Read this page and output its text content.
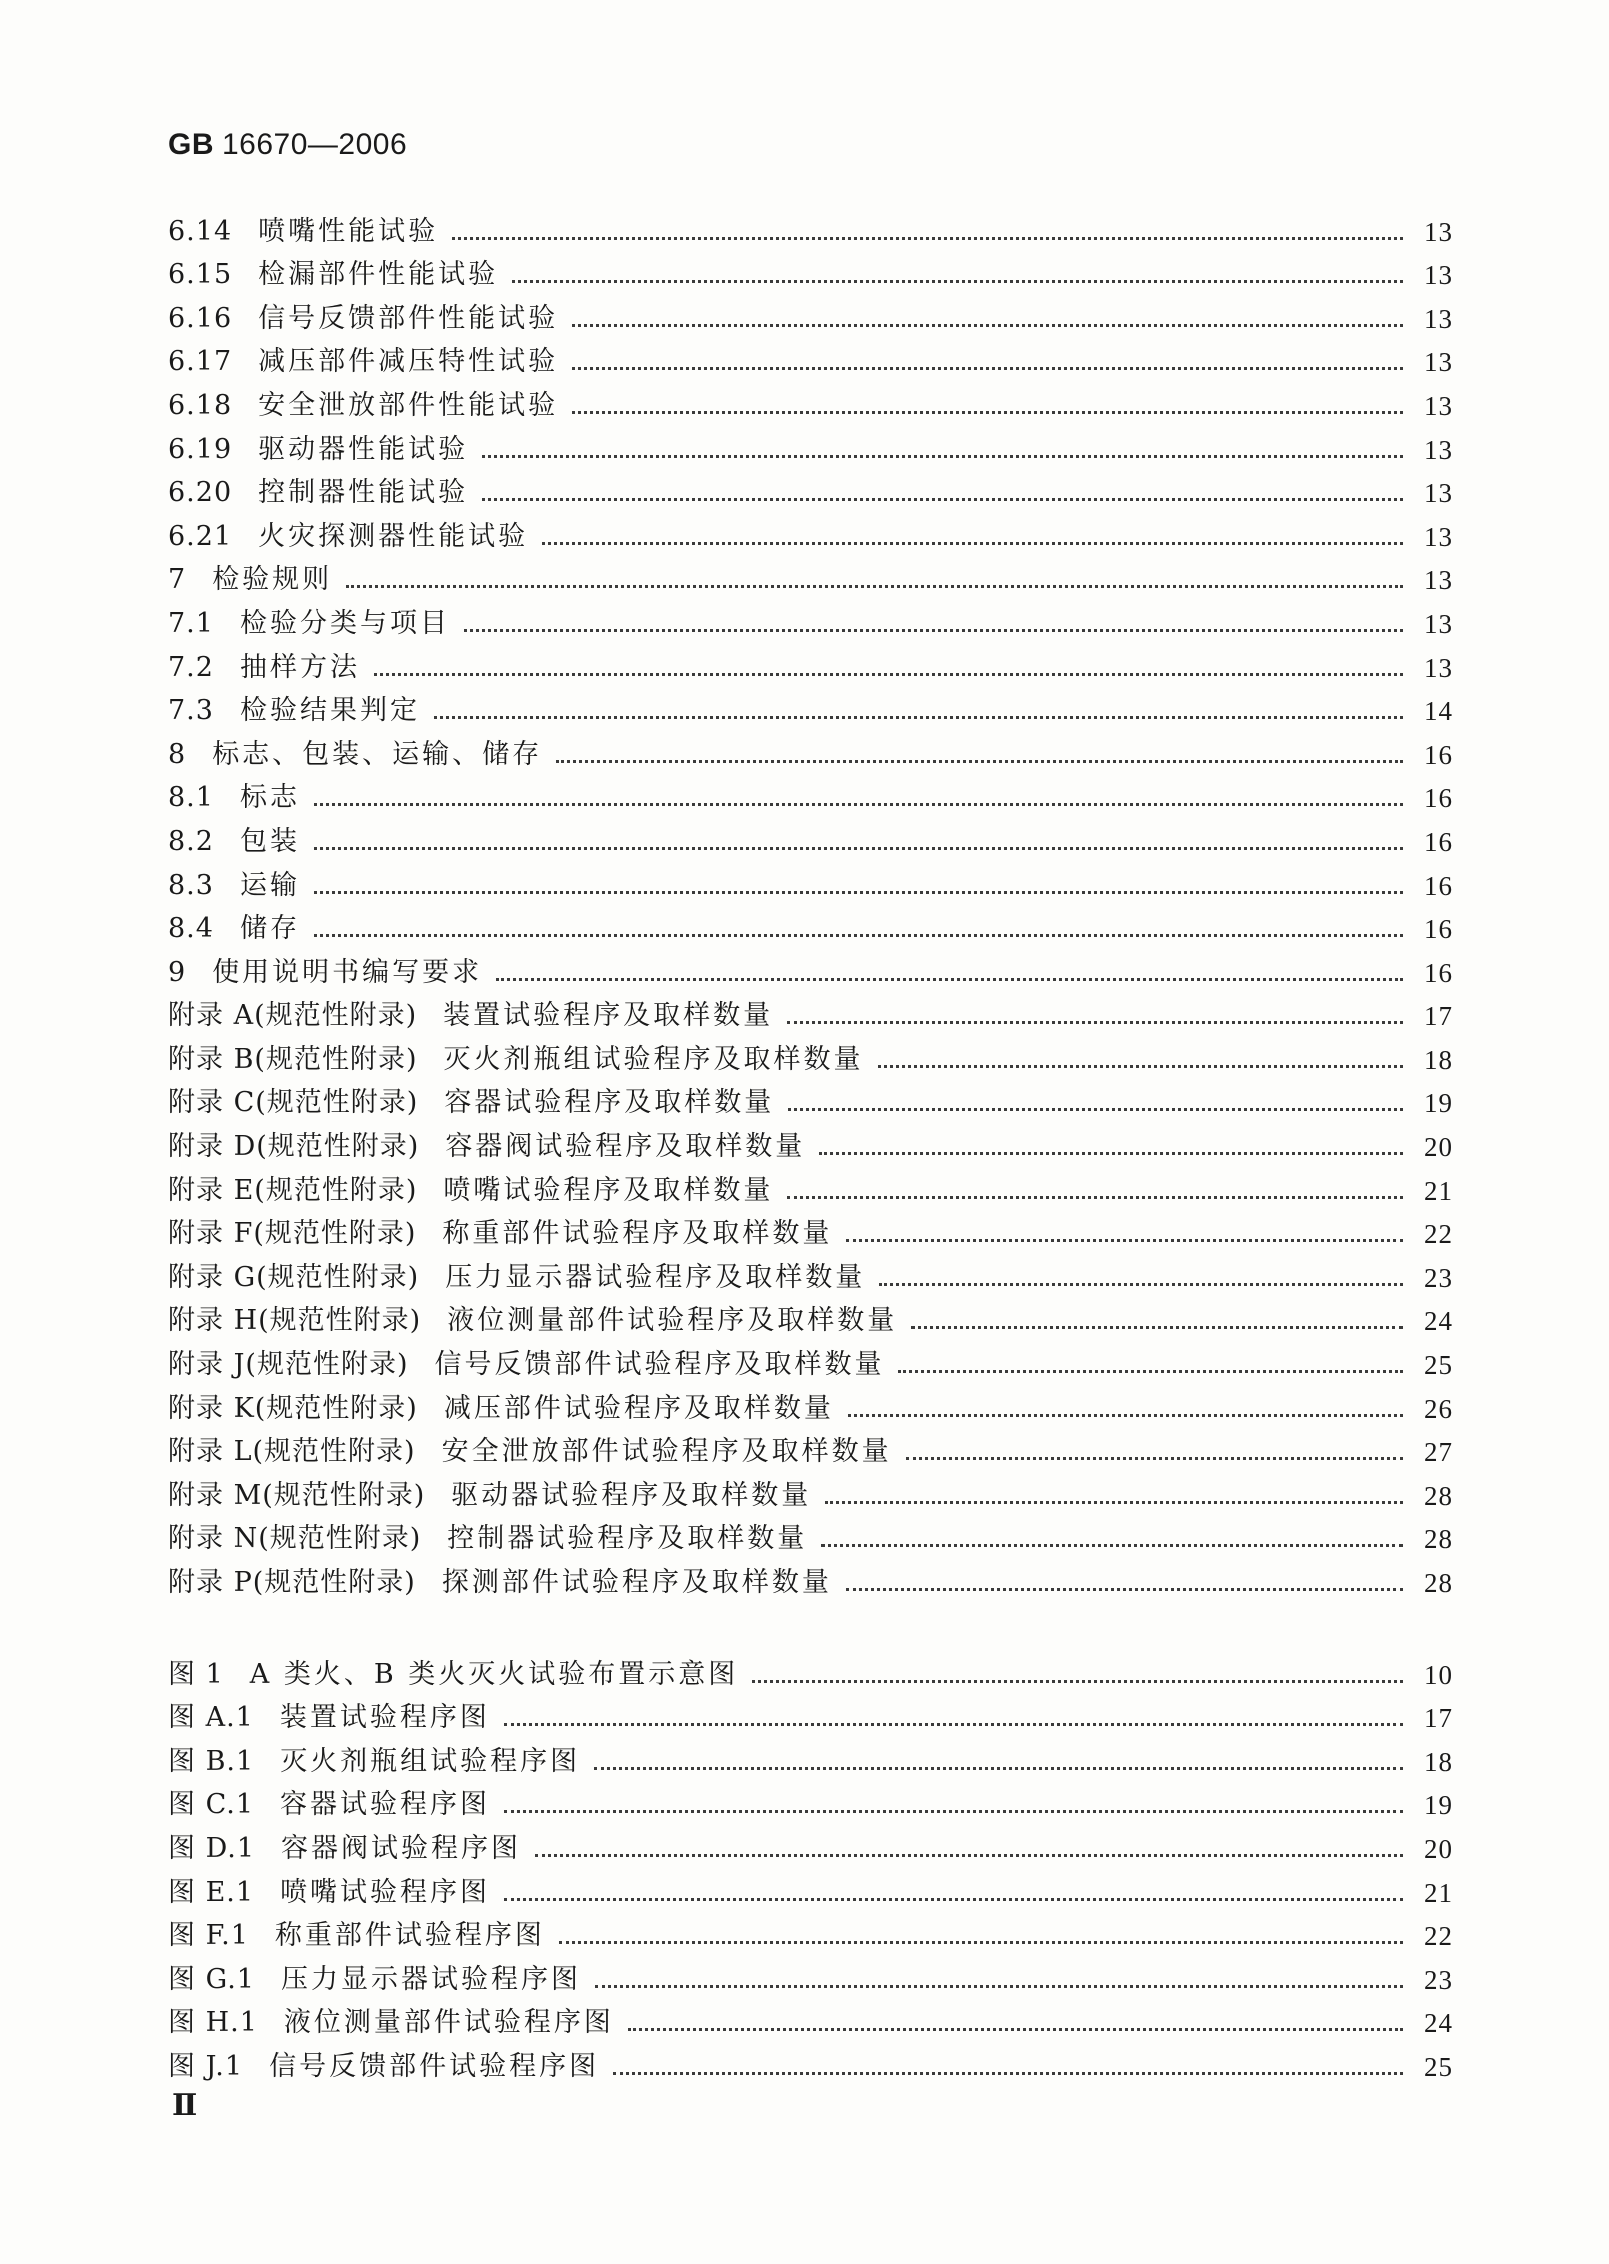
GB 16670—2006
6.14 喷嘴性能试验	13
6.15 检漏部件性能试验	13
6.16 信号反馈部件性能试验	13
6.17 减压部件减压特性试验	13
6.18 安全泄放部件性能试验	13
6.19 驱动器性能试验	13
6.20 控制器性能试验	13
6.21 火灾探测器性能试验	13
7 检验规则	13
7.1 检验分类与项目	13
7.2 抽样方法	13
7.3 检验结果判定	14
8 标志、包装、运输、储存	16
8.1 标志	16
8.2 包装	16
8.3 运输	16
8.4 储存	16
9 使用说明书编写要求	16
附录 A(规范性附录) 装置试验程序及取样数量	17
附录 B(规范性附录) 灭火剂瓶组试验程序及取样数量	18
附录 C(规范性附录) 容器试验程序及取样数量	19
附录 D(规范性附录) 容器阀试验程序及取样数量	20
附录 E(规范性附录) 喷嘴试验程序及取样数量	21
附录 F(规范性附录) 称重部件试验程序及取样数量	22
附录 G(规范性附录) 压力显示器试验程序及取样数量	23
附录 H(规范性附录) 液位测量部件试验程序及取样数量	24
附录 J(规范性附录) 信号反馈部件试验程序及取样数量	25
附录 K(规范性附录) 减压部件试验程序及取样数量	26
附录 L(规范性附录) 安全泄放部件试验程序及取样数量	27
附录 M(规范性附录) 驱动器试验程序及取样数量	28
附录 N(规范性附录) 控制器试验程序及取样数量	28
附录 P(规范性附录) 探测部件试验程序及取样数量	28
图 1 A 类火、B 类火灭火试验布置示意图	10
图 A.1 装置试验程序图	17
图 B.1 灭火剂瓶组试验程序图	18
图 C.1 容器试验程序图	19
图 D.1 容器阀试验程序图	20
图 E.1 喷嘴试验程序图	21
图 F.1 称重部件试验程序图	22
图 G.1 压力显示器试验程序图	23
图 H.1 液位测量部件试验程序图	24
图 J.1 信号反馈部件试验程序图	25
Ⅱ
